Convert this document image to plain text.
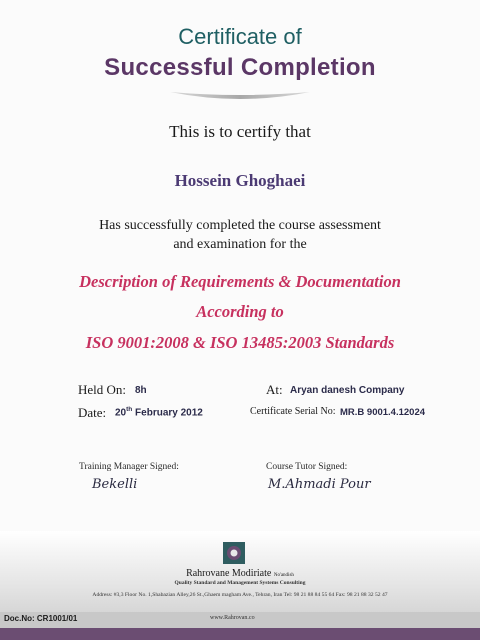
Certificate of
Successful Completion
This is to certify that
Hossein Ghoghaei
Has successfully completed the course assessment
and examination for the
Description of Requirements & Documentation
According to
ISO 9001:2008 & ISO 13485:2003 Standards
Held On: 8h	At: Aryan danesh Company
Date: 20th February 2012	Certificate Serial No: MR.B 9001.4.12024
Training Manager Signed:
Bekelli
Course Tutor Signed:
M.Ahmadi Pour
Rahrovane Modiriate No'andish
Quality Standard and Management Systems Consulting
Address: #3,3 Floor No. 1,Shabazian Alley,26 St.,Ghaem magham Ave., Tehran, Iran Tel: 98 21 88 84 55 64 Fax: 98 21 88 32 52 47
Doc.No: CR1001/01	www.Rahrovan.co
